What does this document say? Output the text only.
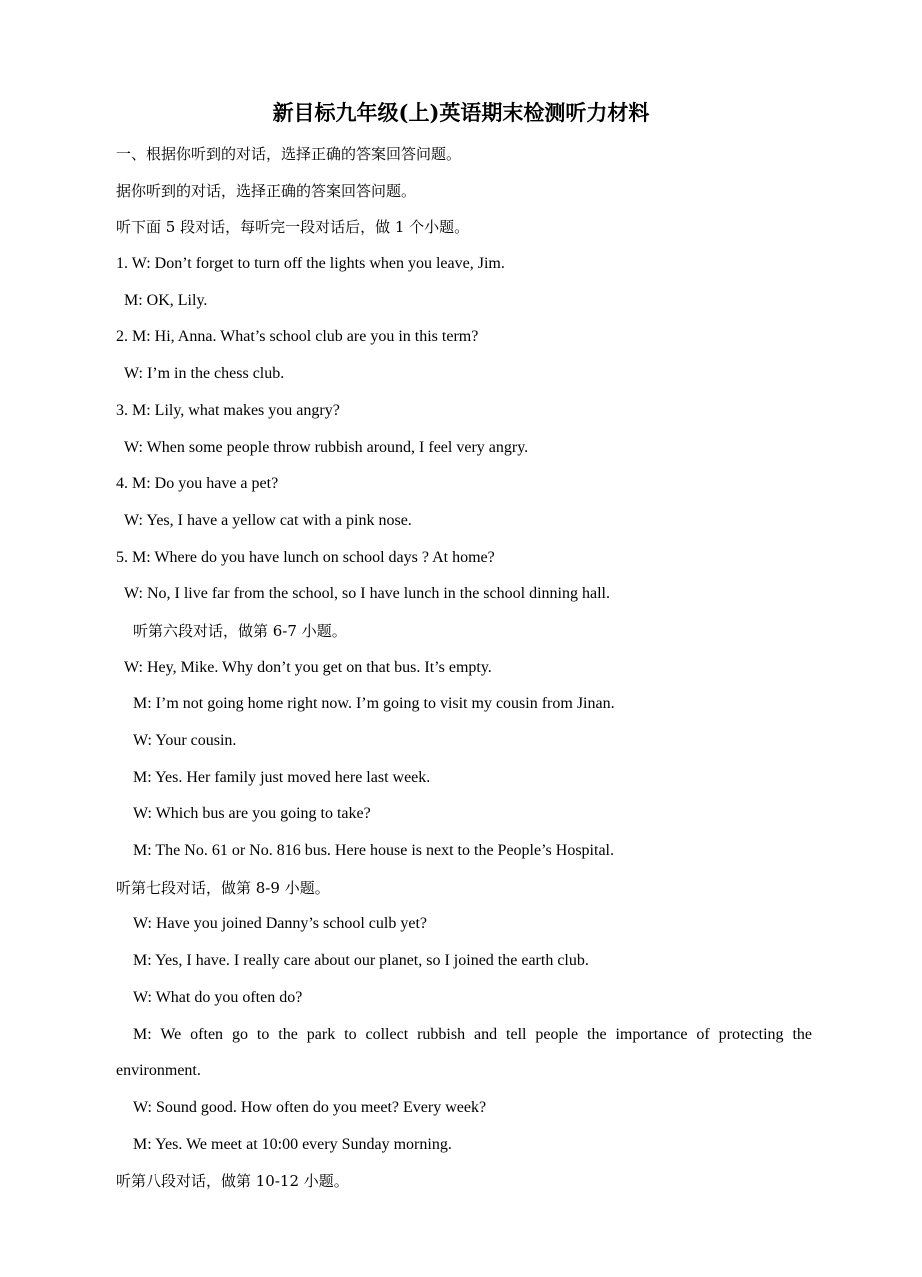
新目标九年级(上)英语期末检测听力材料
一、根据你听到的对话，选择正确的答案回答问题。
据你听到的对话，选择正确的答案回答问题。
听下面 5 段对话，每听完一段对话后，做 1 个小题。
1. W: Don’t forget to turn off the lights when you leave, Jim.
M: OK, Lily.
2. M: Hi, Anna. What’s school club are you in this term?
W: I’m in the chess club.
3. M: Lily, what makes you angry?
W: When some people throw rubbish around, I feel very angry.
4. M: Do you have a pet?
W: Yes, I have a yellow cat with a pink nose.
5. M: Where do you have lunch on school days ? At home?
W: No, I live far from the school, so I have lunch in the school dinning hall.
听第六段对话，做第 6-7 小题。
W: Hey, Mike. Why don’t you get on that bus. It’s empty.
M: I’m not going home right now. I’m going to visit my cousin from Jinan.
W: Your cousin.
M: Yes. Her family just moved here last week.
W: Which bus are you going to take?
M: The No. 61 or No. 816 bus. Here house is next to the People’s Hospital.
听第七段对话，做第 8-9 小题。
W: Have you joined Danny’s school culb yet?
M: Yes, I have. I really care about our planet, so I joined the earth club.
W: What do you often do?
M: We often go to the park to collect rubbish and tell people the importance of protecting the
environment.
W: Sound good. How often do you meet? Every week?
M: Yes. We meet at 10:00 every Sunday morning.
听第八段对话，做第 10-12 小题。
